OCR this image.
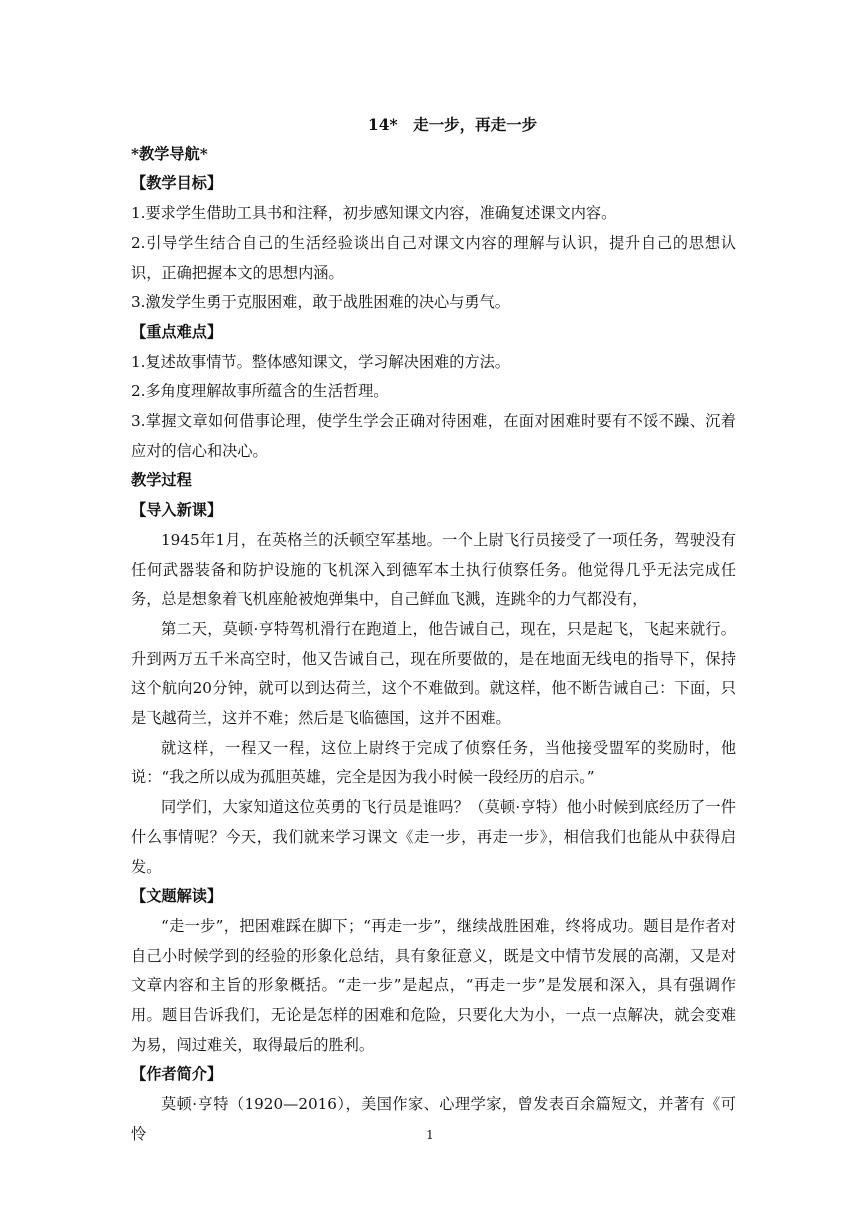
14*　走一步，再走一步
*教学导航*
【教学目标】
1.要求学生借助工具书和注释，初步感知课文内容，准确复述课文内容。
2.引导学生结合自己的生活经验谈出自己对课文内容的理解与认识，提升自己的思想认识，正确把握本文的思想内涵。
3.激发学生勇于克服困难，敢于战胜困难的决心与勇气。
【重点难点】
1.复述故事情节。整体感知课文，学习解决困难的方法。
2.多角度理解故事所蕴含的生活哲理。
3.掌握文章如何借事论理，使学生学会正确对待困难，在面对困难时要有不馁不躁、沉着应对的信心和决心。
教学过程
【导入新课】
1945年1月，在英格兰的沃顿空军基地。一个上尉飞行员接受了一项任务，驾驶没有任何武器装备和防护设施的飞机深入到德军本土执行侦察任务。他觉得几乎无法完成任务，总是想象着飞机座舱被炮弹集中，自己鲜血飞溅，连跳伞的力气都没有，
第二天，莫顿·亨特驾机滑行在跑道上，他告诫自己，现在，只是起飞，飞起来就行。升到两万五千米高空时，他又告诫自己，现在所要做的，是在地面无线电的指导下，保持这个航向20分钟，就可以到达荷兰，这个不难做到。就这样，他不断告诫自己：下面，只是飞越荷兰，这并不难；然后是飞临德国，这并不困难。
就这样，一程又一程，这位上尉终于完成了侦察任务，当他接受盟军的奖励时，他说：“我之所以成为孤胆英雄，完全是因为我小时候一段经历的启示。”
同学们，大家知道这位英勇的飞行员是谁吗？（莫顿·亨特）他小时候到底经历了一件什么事情呢？今天，我们就来学习课文《走一步，再走一步》，相信我们也能从中获得启发。
【文题解读】
“走一步”，把困难踩在脚下；“再走一步”，继续战胜困难，终将成功。题目是作者对自己小时候学到的经验的形象化总结，具有象征意义，既是文中情节发展的高潮，又是对文章内容和主旨的形象概括。“走一步”是起点，“再走一步”是发展和深入，具有强调作用。题目告诉我们，无论是怎样的困难和危险，只要化大为小，一点一点解决，就会变难为易，闯过难关，取得最后的胜利。
【作者简介】
莫顿·亨特（1920—2016），美国作家、心理学家，曾发表百余篇短文，并著有《可怜	1
